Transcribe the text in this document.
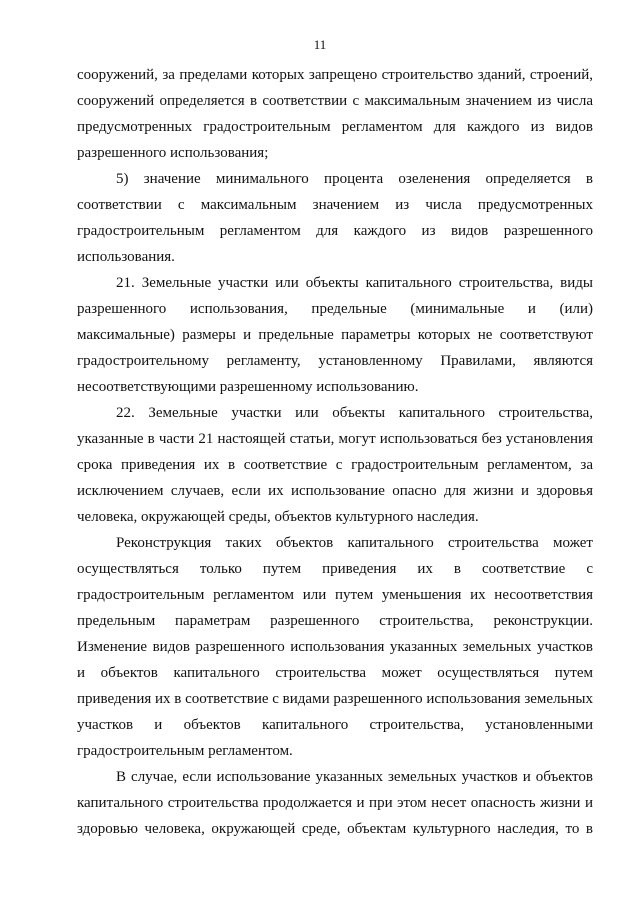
11

сооружений, за пределами которых запрещено строительство зданий, строений, сооружений определяется в соответствии с максимальным значением из числа предусмотренных градостроительным регламентом для каждого из видов разрешенного использования;

5) значение минимального процента озеленения определяется в соответствии с максимальным значением из числа предусмотренных градостроительным регламентом для каждого из видов разрешенного использования.

21. Земельные участки или объекты капитального строительства, виды разрешенного использования, предельные (минимальные и (или) максимальные) размеры и предельные параметры которых не соответствуют градостроительному регламенту, установленному Правилами, являются несоответствующими разрешенному использованию.

22. Земельные участки или объекты капитального строительства, указанные в части 21 настоящей статьи, могут использоваться без установления срока приведения их в соответствие с градостроительным регламентом, за исключением случаев, если их использование опасно для жизни и здоровья человека, окружающей среды, объектов культурного наследия.

Реконструкция таких объектов капитального строительства может осуществляться только путем приведения их в соответствие с градостроительным регламентом или путем уменьшения их несоответствия предельным параметрам разрешенного строительства, реконструкции. Изменение видов разрешенного использования указанных земельных участков и объектов капитального строительства может осуществляться путем приведения их в соответствие с видами разрешенного использования земельных участков и объектов капитального строительства, установленными градостроительным регламентом.

В случае, если использование указанных земельных участков и объектов капитального строительства продолжается и при этом несет опасность жизни и здоровью человека, окружающей среде, объектам культурного наследия, то в
